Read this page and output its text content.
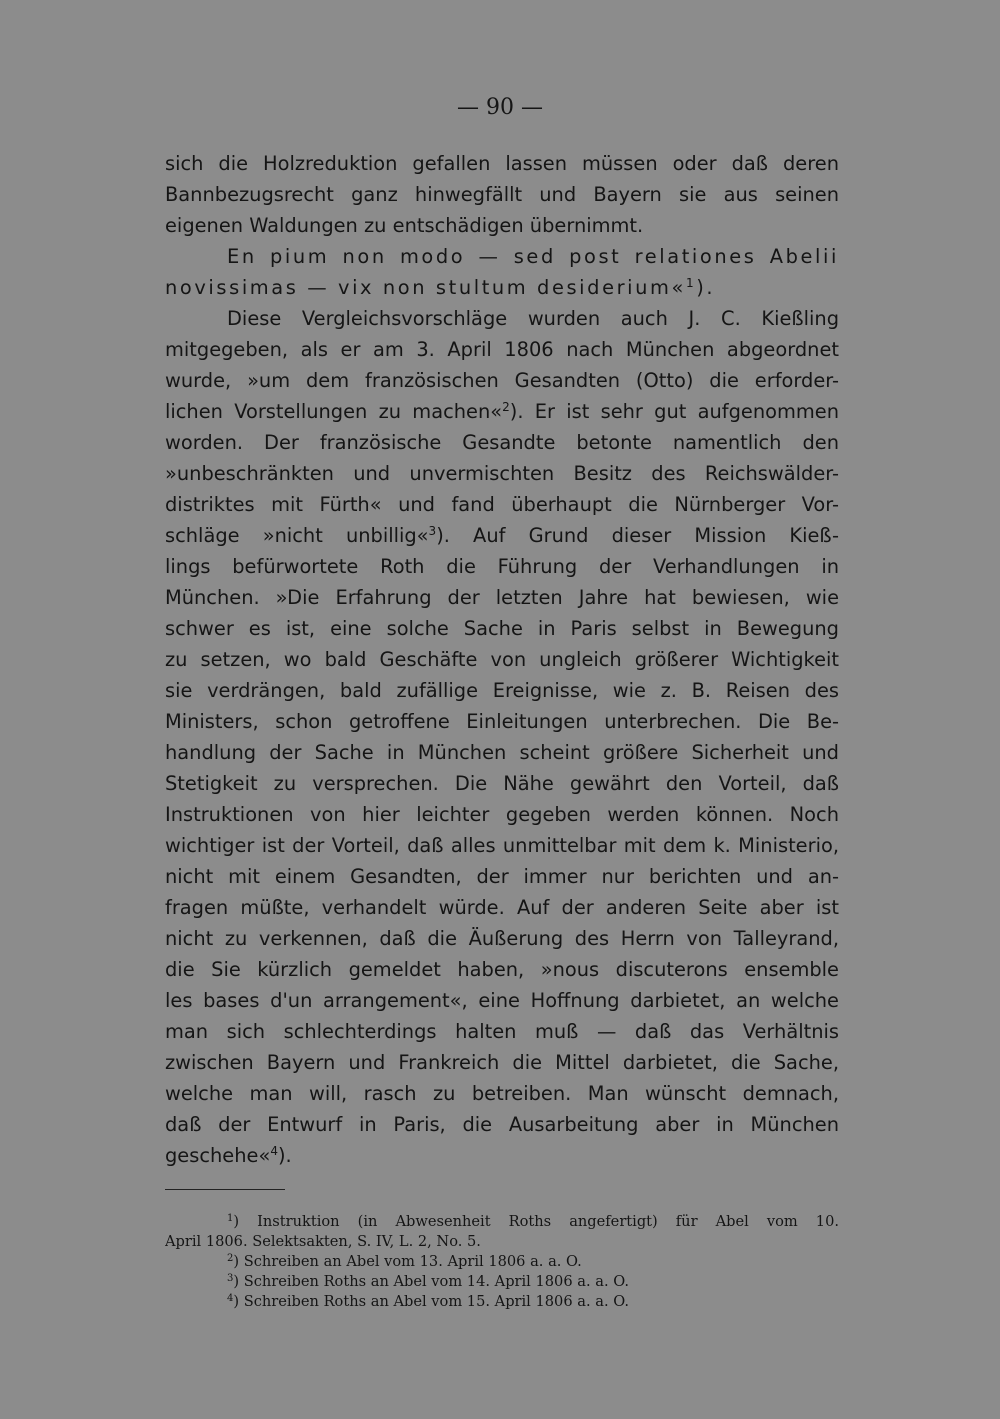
— 90 —
sich die Holzreduktion gefallen lassen müssen oder daß deren
Bannbezugsrecht ganz hinwegfällt und Bayern sie aus seinen
eigenen Waldungen zu entschädigen übernimmt.
En pium non modo — sed post relationes Abelii
novissimas — vix non stultum desiderium«$^1$).
Diese Vergleichsvorschläge wurden auch J. C. Kießling
mitgegeben, als er am 3. April 1806 nach München abgeordnet
wurde, »um dem französischen Gesandten (Otto) die erforder-
lichen Vorstellungen zu machen«$^2$). Er ist sehr gut aufgenommen
worden. Der französische Gesandte betonte namentlich den
»unbeschränkten und unvermischten Besitz des Reichswälder-
distriktes mit Fürth« und fand überhaupt die Nürnberger Vor-
schläge »nicht unbillig«$^3$). Auf Grund dieser Mission Kieß-
lings befürwortete Roth die Führung der Verhandlungen in
München. »Die Erfahrung der letzten Jahre hat bewiesen, wie
schwer es ist, eine solche Sache in Paris selbst in Bewegung
zu setzen, wo bald Geschäfte von ungleich größerer Wichtigkeit
sie verdrängen, bald zufällige Ereignisse, wie z. B. Reisen des
Ministers, schon getroffene Einleitungen unterbrechen. Die Be-
handlung der Sache in München scheint größere Sicherheit und
Stetigkeit zu versprechen. Die Nähe gewährt den Vorteil, daß
Instruktionen von hier leichter gegeben werden können. Noch
wichtiger ist der Vorteil, daß alles unmittelbar mit dem k. Ministerio,
nicht mit einem Gesandten, der immer nur berichten und an-
fragen müßte, verhandelt würde. Auf der anderen Seite aber ist
nicht zu verkennen, daß die Äußerung des Herrn von Talleyrand,
die Sie kürzlich gemeldet haben, »nous discuterons ensemble
les bases d'un arrangement«, eine Hoffnung darbietet, an welche
man sich schlechterdings halten muß — daß das Verhältnis
zwischen Bayern und Frankreich die Mittel darbietet, die Sache,
welche man will, rasch zu betreiben. Man wünscht demnach,
daß der Entwurf in Paris, die Ausarbeitung aber in München
geschehe«$^4$).
$^1$) Instruktion (in Abwesenheit Roths angefertigt) für Abel vom 10.
April 1806. Selektsakten, S. IV, L. 2, No. 5.
$^2$) Schreiben an Abel vom 13. April 1806 a. a. O.
$^3$) Schreiben Roths an Abel vom 14. April 1806 a. a. O.
$^4$) Schreiben Roths an Abel vom 15. April 1806 a. a. O.
